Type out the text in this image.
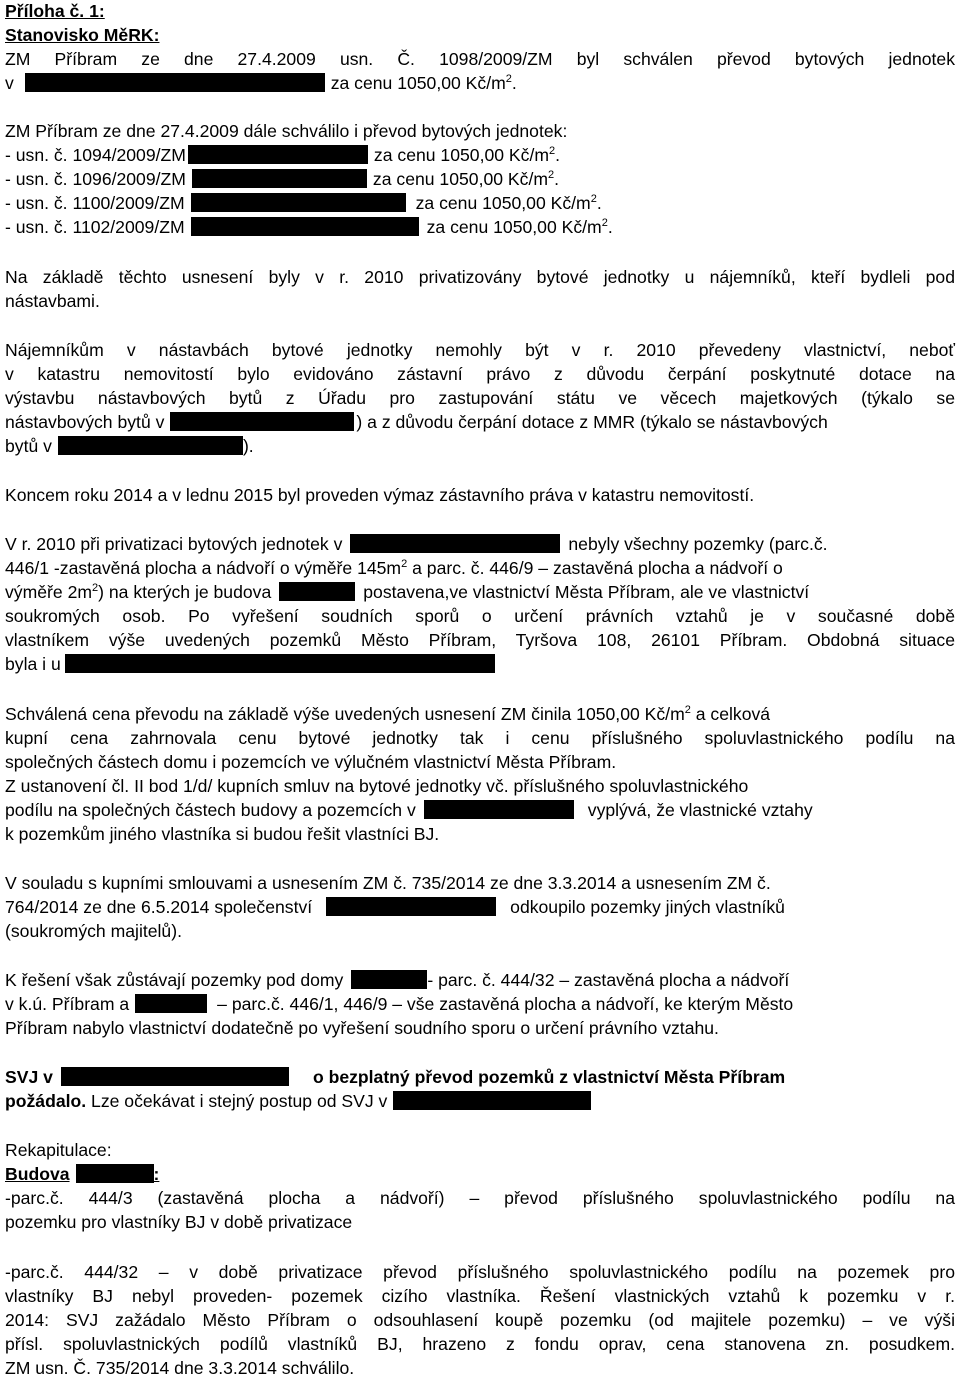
Příloha č. 1:
Stanovisko MěRK:
ZM Příbram ze dne 27.4.2009 usn. Č. 1098/2009/ZM byl schválen převod bytových jednotek
v	za cenu 1050,00 $Kč/m^2$.
ZM Příbram ze dne 27.4.2009 dále schválilo i převod bytových jednotek:
- usn. č. 1094/2009/ZM	za cenu 1050,00 $Kč/m^2$.
- usn. č. 1096/2009/ZM	za cenu 1050,00 $Kč/m^2$.
- usn. č. 1100/2009/ZM	za cenu 1050,00 $Kč/m^2$.
- usn. č. 1102/2009/ZM	za cenu 1050,00 $Kč/m^2$.
Na základě těchto usnesení byly v r. 2010 privatizovány bytové jednotky u nájemníků, kteří bydleli pod
nástavbami.
Nájemníkům v nástavbách bytové jednotky nemohly být v r. 2010 převedeny vlastnictví, neboť
v katastru nemovitostí bylo evidováno zástavní právo z důvodu čerpání poskytnuté dotace na
výstavbu nástavbových bytů z Úřadu pro zastupování státu ve věcech majetkových (týkalo se
nástavbových bytů v	) a z důvodu čerpání dotace z MMR (týkalo se nástavbových
bytů v	).
Koncem roku 2014 a v lednu 2015 byl proveden výmaz zástavního práva v katastru nemovitostí.
V r. 2010 při privatizaci bytových jednotek v	nebyly všechny pozemky (parc.č.
446/1 -zastavěná plocha a nádvoří o výměře $145m^2$ a parc. č. 446/9 – zastavěná plocha a nádvoří o
výměře $2m^2$) na kterých je budova	postavena,ve vlastnictví Města Příbram, ale ve vlastnictví
soukromých osob. Po vyřešení soudních sporů o určení právních vztahů je v současné době
vlastníkem výše uvedených pozemků Město Příbram, Tyršova 108, 26101 Příbram. Obdobná situace
byla i u
Schválená cena převodu na základě výše uvedených usnesení ZM činila 1050,00 $Kč/m^2$ a celková
kupní cena zahrnovala cenu bytové jednotky tak i cenu příslušného spoluvlastnického podílu na
společných částech domu i pozemcích ve výlučném vlastnictví Města Příbram.
Z ustanovení čl. II bod 1/d/ kupních smluv na bytové jednotky vč. příslušného spoluvlastnického
podílu na společných částech budovy a pozemcích v	vyplývá, že vlastnické vztahy
k pozemkům jiného vlastníka si budou řešit vlastníci BJ.
V souladu s kupními smlouvami a usnesením ZM č. 735/2014 ze dne 3.3.2014 a usnesením ZM č.
764/2014 ze dne 6.5.2014 společenství	odkoupilo pozemky jiných vlastníků
(soukromých majitelů).
K řešení však zůstávají pozemky pod domy	- parc. č. 444/32 – zastavěná plocha a nádvoří
v k.ú. Příbram a	– parc.č. 446/1, 446/9 – vše zastavěná plocha a nádvoří, ke kterým Město
Příbram nabylo vlastnictví dodatečně po vyřešení soudního sporu o určení právního vztahu.
SVJ v	o bezplatný převod pozemků z vlastnictví Města Příbram
požádalo. Lze očekávat i stejný postup od SVJ v
Rekapitulace:
Budova	:
-parc.č. 444/3 (zastavěná plocha a nádvoří) – převod příslušného spoluvlastnického podílu na
pozemku pro vlastníky BJ v době privatizace
-parc.č. 444/32 – v době privatizace převod příslušného spoluvlastnického podílu na pozemek pro
vlastníky BJ nebyl proveden- pozemek cizího vlastníka. Řešení vlastnických vztahů k pozemku v r.
2014: SVJ zažádalo Město Příbram o odsouhlasení koupě pozemku (od majitele pozemku) – ve výši
přísl. spoluvlastnických podílů vlastníků BJ, hrazeno z fondu oprav, cena stanovena zn. posudkem.
ZM usn. Č. 735/2014 dne 3.3.2014 schválilo.
